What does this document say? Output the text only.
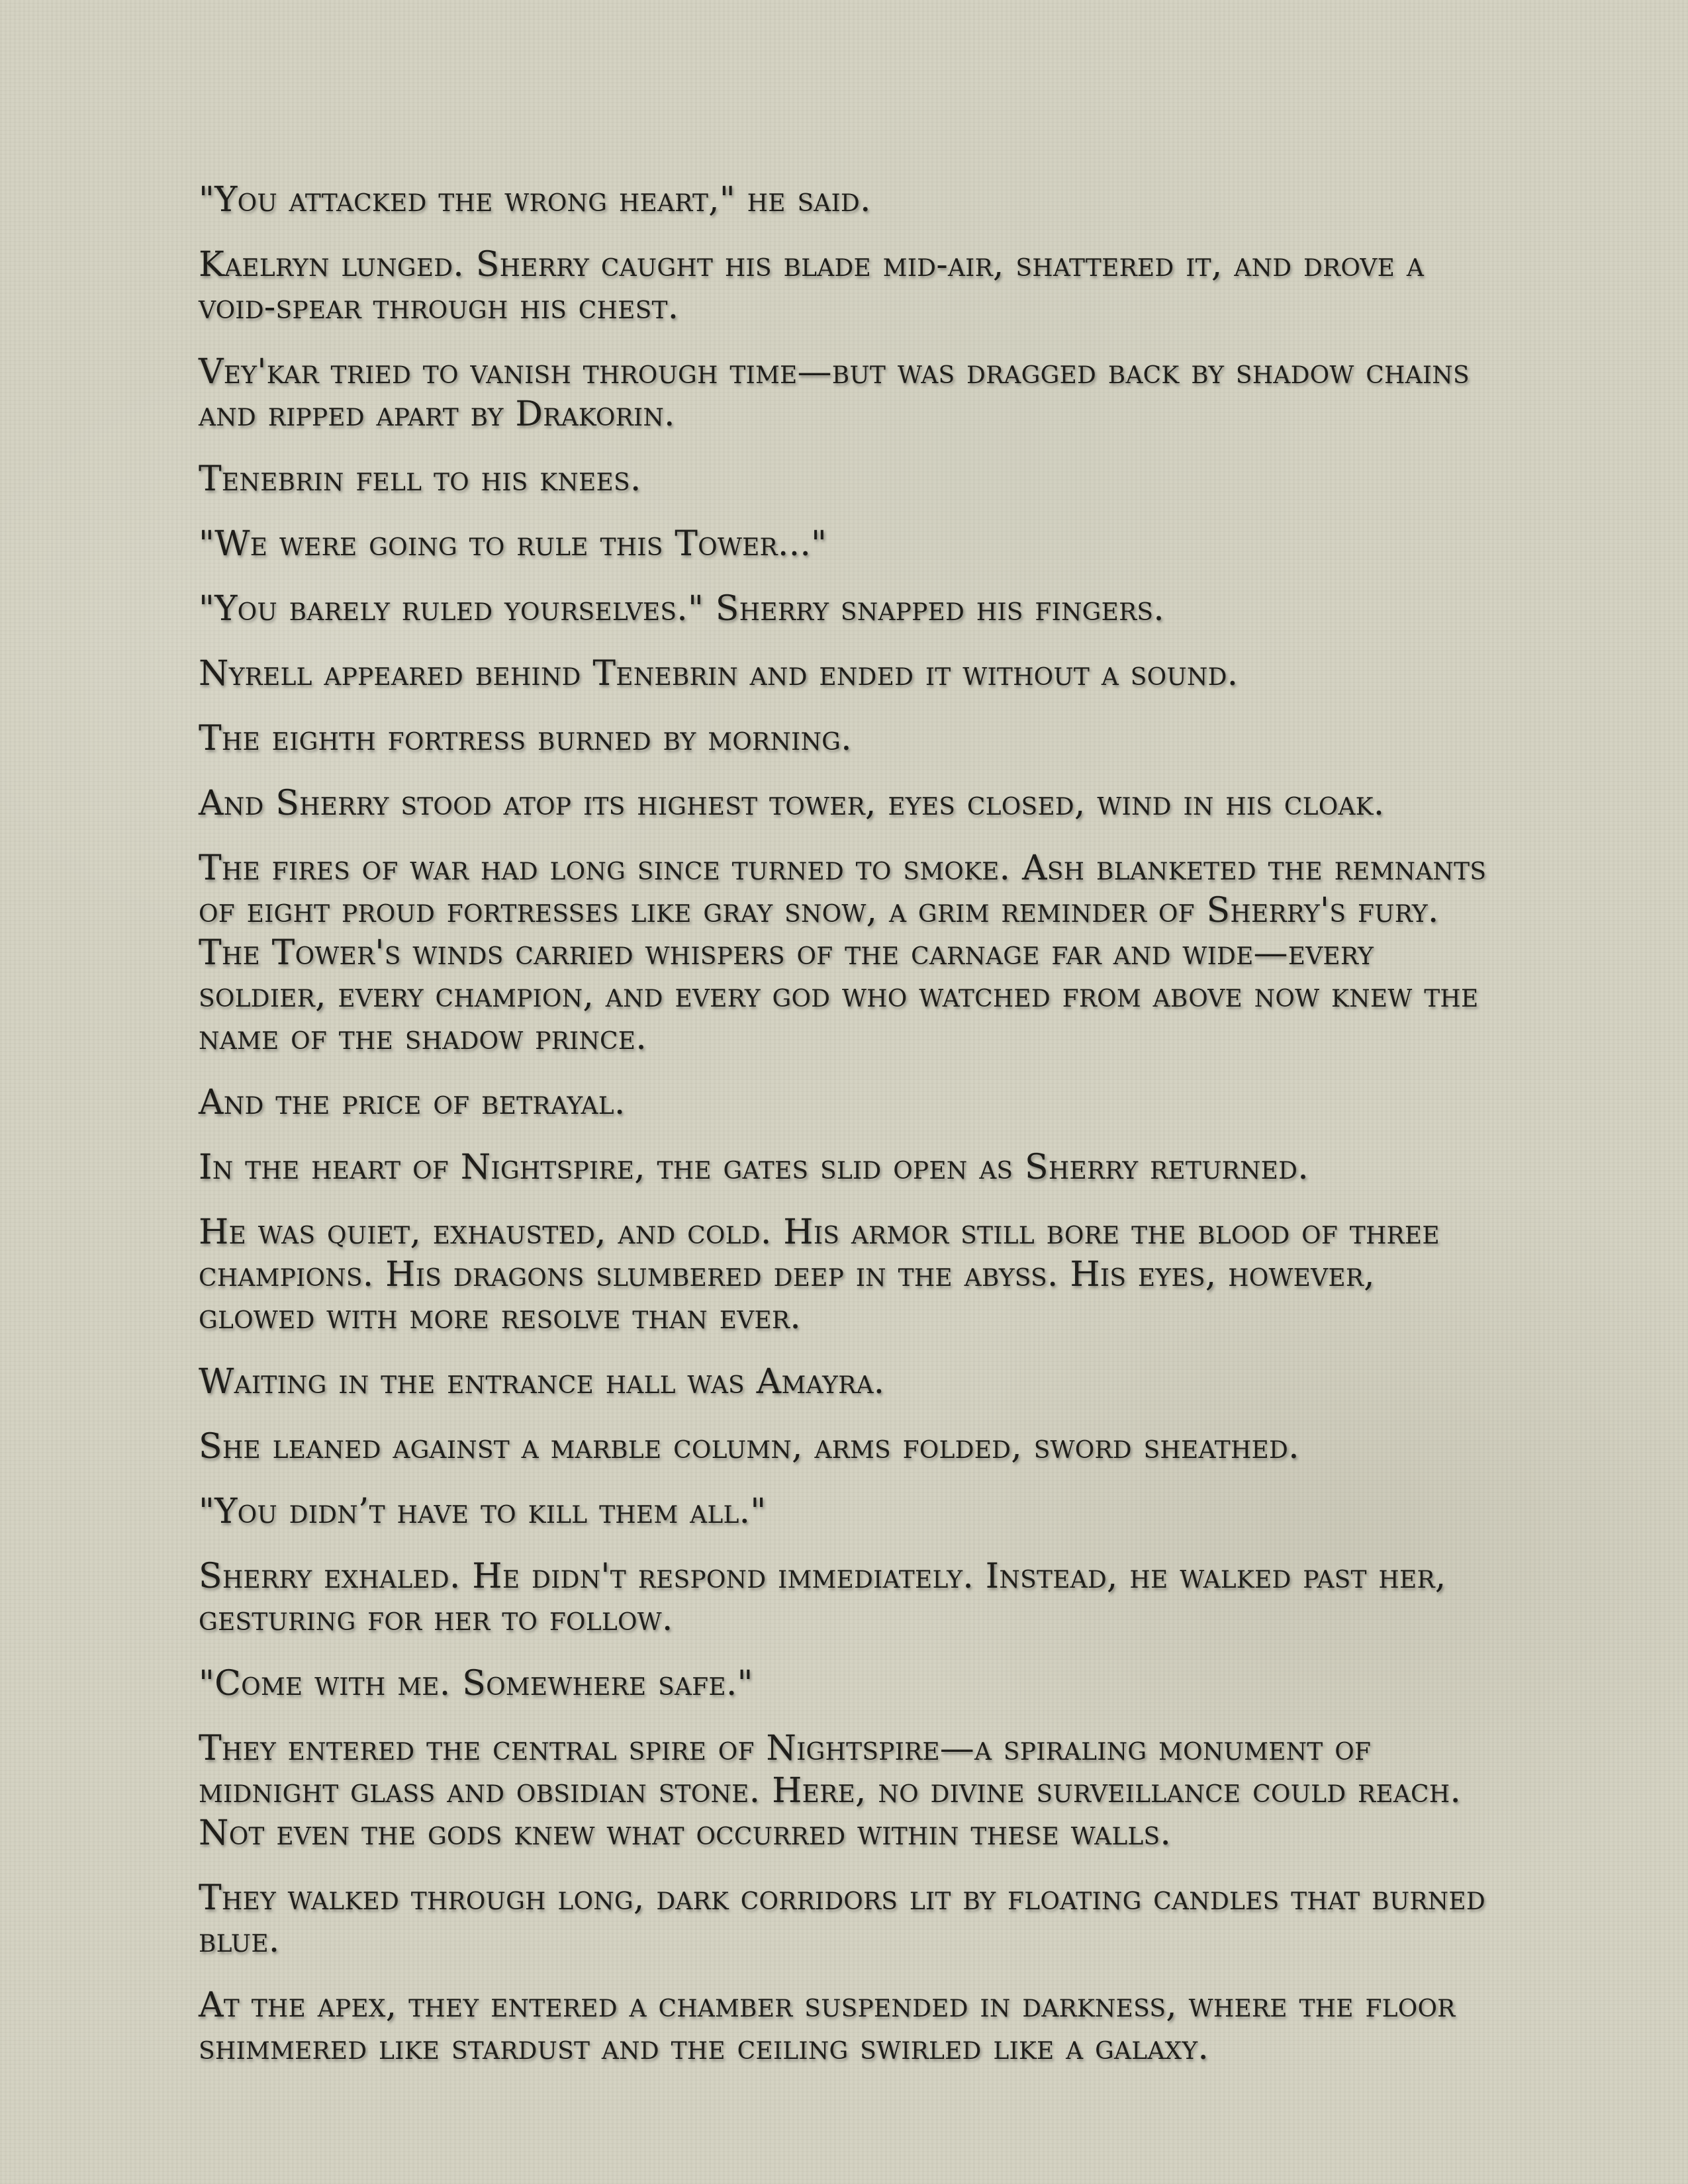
"You attacked the wrong heart," he said.

Kaelryn lunged. Sherry caught his blade mid-air, shattered it, and drove a void-spear through his chest.

Vey'kar tried to vanish through time—but was dragged back by shadow chains and ripped apart by Drakorin.

Tenebrin fell to his knees.

"We were going to rule this Tower..."

"You barely ruled yourselves." Sherry snapped his fingers.

Nyrell appeared behind Tenebrin and ended it without a sound.

The eighth fortress burned by morning.

And Sherry stood atop its highest tower, eyes closed, wind in his cloak.

The fires of war had long since turned to smoke. Ash blanketed the remnants of eight proud fortresses like gray snow, a grim reminder of Sherry's fury. The Tower's winds carried whispers of the carnage far and wide—every soldier, every champion, and every god who watched from above now knew the name of the shadow prince.

And the price of betrayal.

In the heart of Nightspire, the gates slid open as Sherry returned.

He was quiet, exhausted, and cold. His armor still bore the blood of three champions. His dragons slumbered deep in the abyss. His eyes, however, glowed with more resolve than ever.

Waiting in the entrance hall was Amayra.

She leaned against a marble column, arms folded, sword sheathed.

"You didn’t have to kill them all."

Sherry exhaled. He didn't respond immediately. Instead, he walked past her, gesturing for her to follow.

"Come with me. Somewhere safe."

They entered the central spire of Nightspire—a spiraling monument of midnight glass and obsidian stone. Here, no divine surveillance could reach. Not even the gods knew what occurred within these walls.

They walked through long, dark corridors lit by floating candles that burned blue.

At the apex, they entered a chamber suspended in darkness, where the floor shimmered like stardust and the ceiling swirled like a galaxy.
